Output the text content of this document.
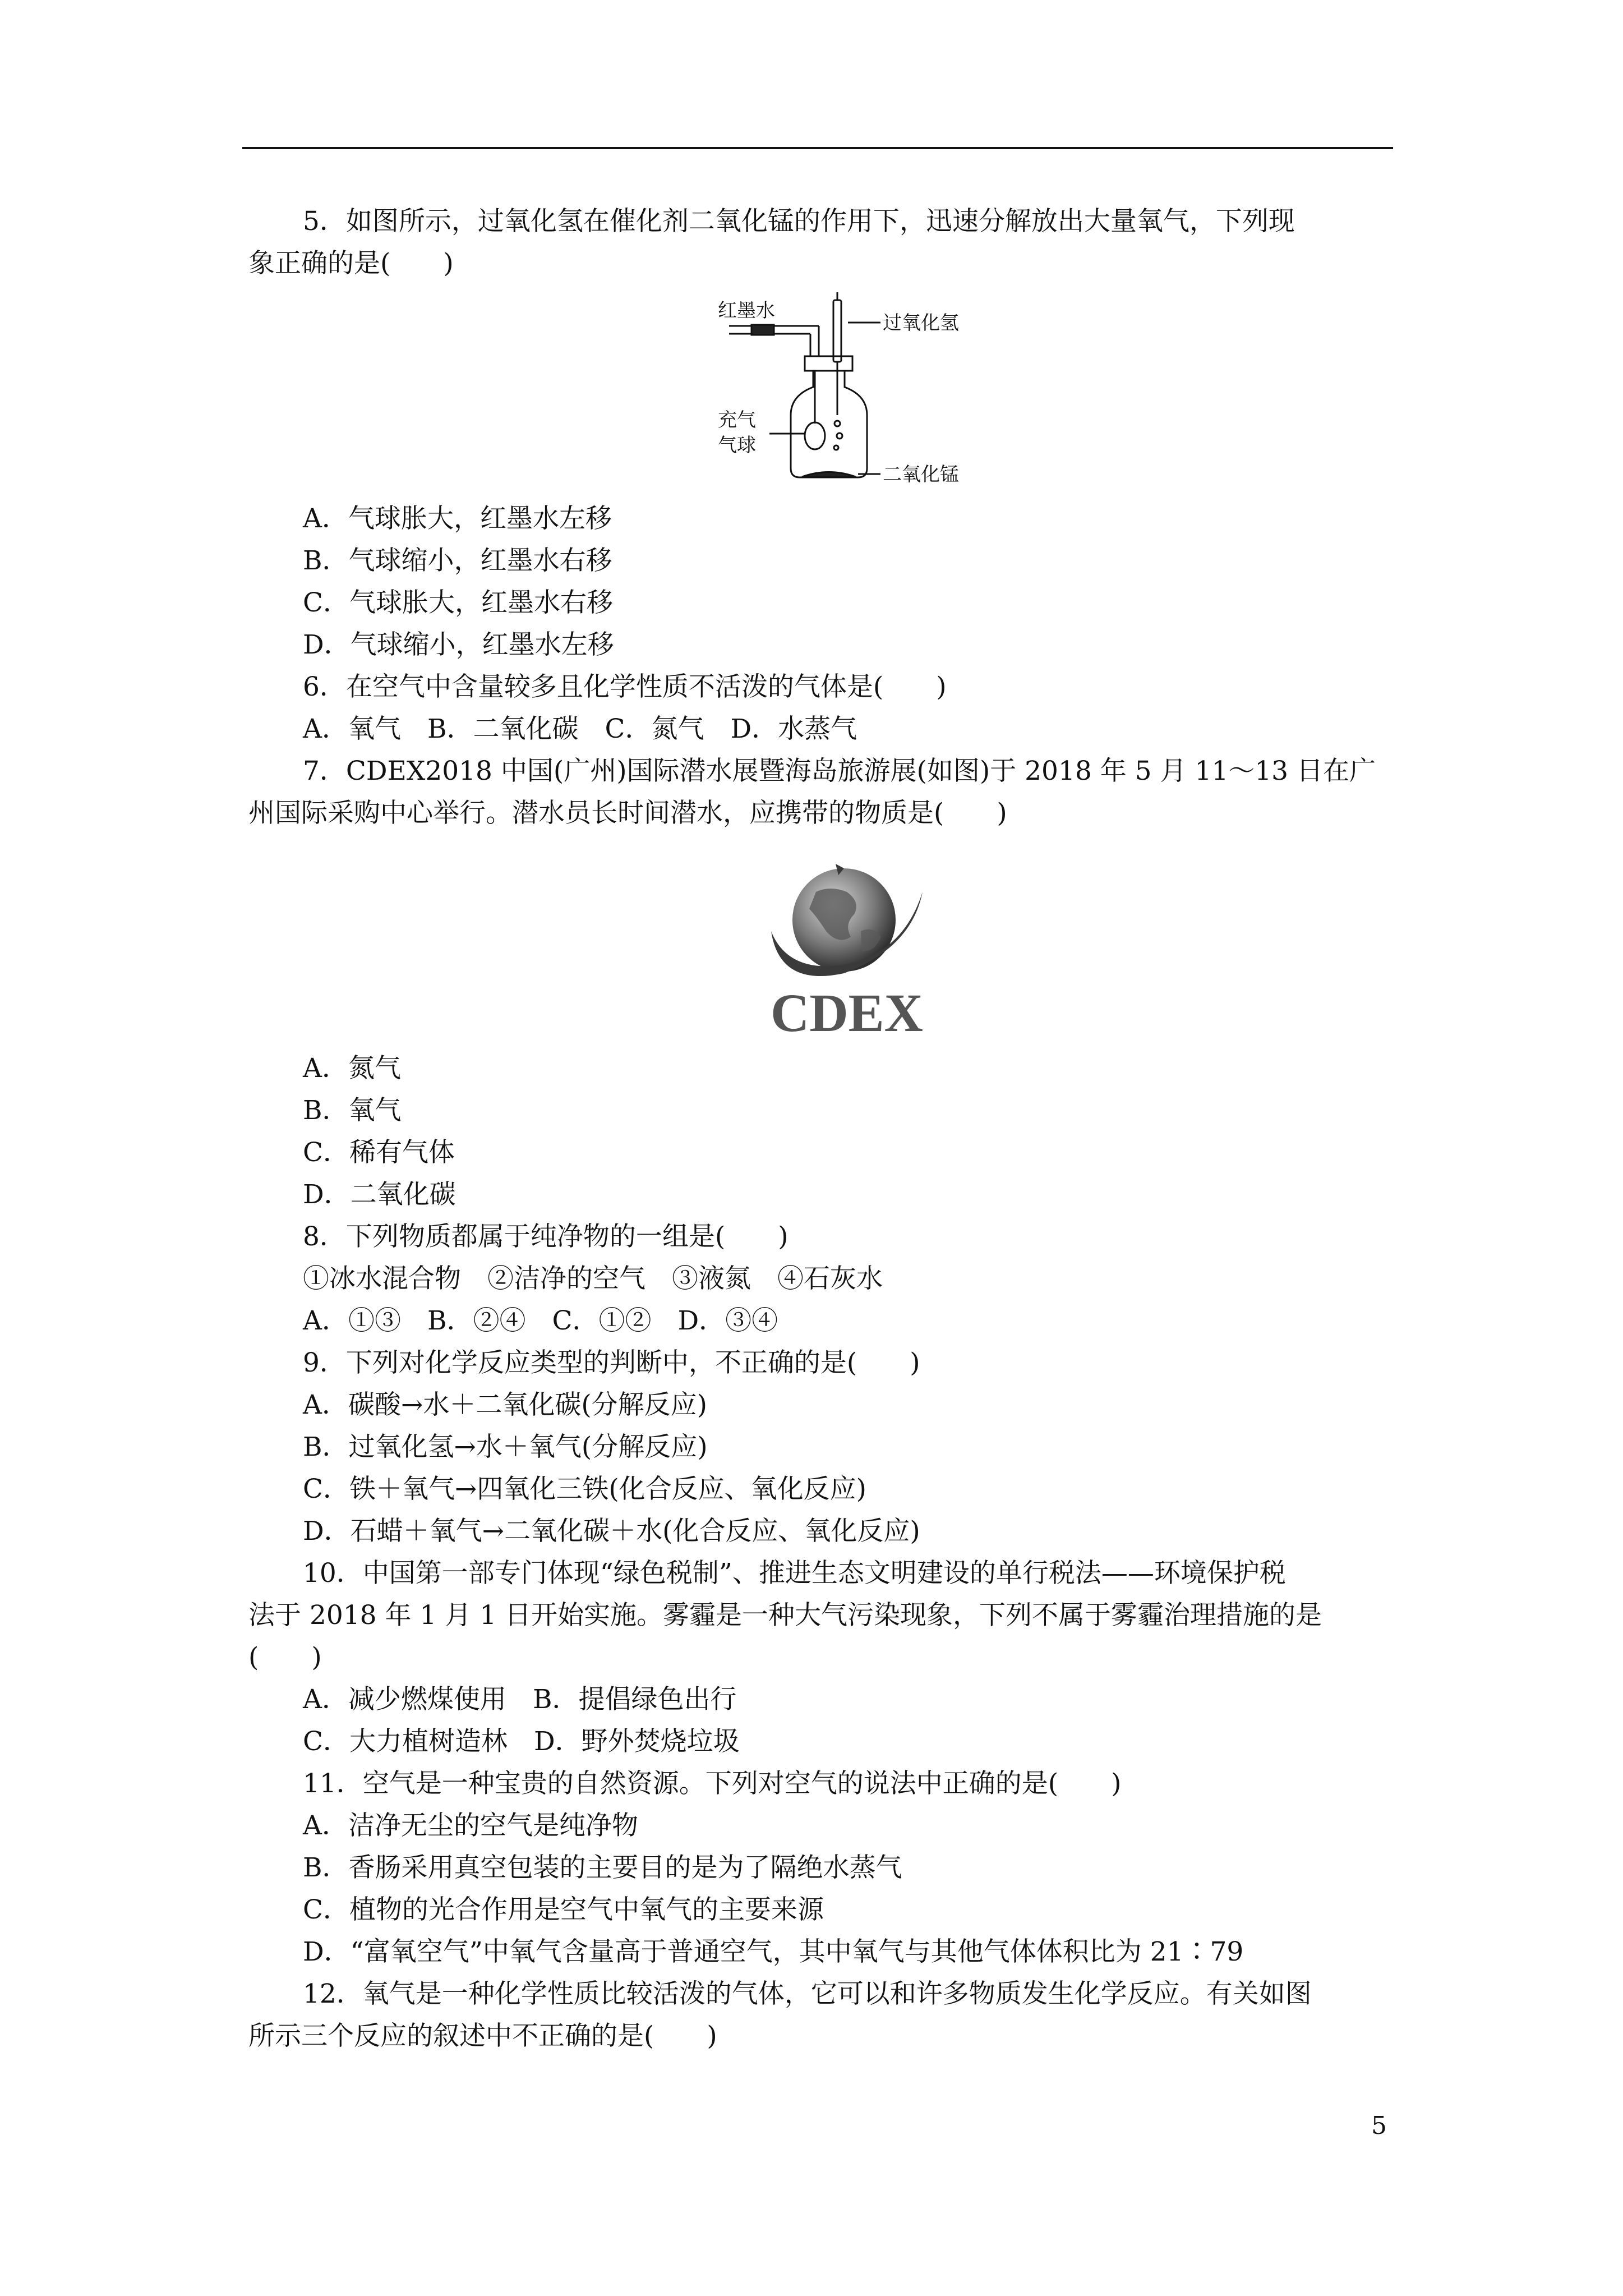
5．如图所示，过氧化氢在催化剂二氧化锰的作用下，迅速分解放出大量氧气，下列现
象正确的是(　　)
红墨水
过氧化氢
充气
气球
二氧化锰
A．气球胀大，红墨水左移
B．气球缩小，红墨水右移
C．气球胀大，红墨水右移
D．气球缩小，红墨水左移
6．在空气中含量较多且化学性质不活泼的气体是(　　)
A．氧气　B．二氧化碳　C．氮气　D．水蒸气
7．CDEX2018 中国(广州)国际潜水展暨海岛旅游展(如图)于 2018 年 5 月 11～13 日在广
州国际采购中心举行。潜水员长时间潜水，应携带的物质是(　　)
CDEX
A．氮气
B．氧气
C．稀有气体
D．二氧化碳
8．下列物质都属于纯净物的一组是(　　)
①冰水混合物　②洁净的空气　③液氮　④石灰水
A．①③　B．②④　C．①②　D．③④
9．下列对化学反应类型的判断中，不正确的是(　　)
A．碳酸→水＋二氧化碳(分解反应)
B．过氧化氢→水＋氧气(分解反应)
C．铁＋氧气→四氧化三铁(化合反应、氧化反应)
D．石蜡＋氧气→二氧化碳＋水(化合反应、氧化反应)
10．中国第一部专门体现“绿色税制”、推进生态文明建设的单行税法——环境保护税
法于 2018 年 1 月 1 日开始实施。雾霾是一种大气污染现象，下列不属于雾霾治理措施的是
(　　)
A．减少燃煤使用　B．提倡绿色出行
C．大力植树造林　D．野外焚烧垃圾
11．空气是一种宝贵的自然资源。下列对空气的说法中正确的是(　　)
A．洁净无尘的空气是纯净物
B．香肠采用真空包装的主要目的是为了隔绝水蒸气
C．植物的光合作用是空气中氧气的主要来源
D．“富氧空气”中氧气含量高于普通空气，其中氧气与其他气体体积比为 21∶79
12．氧气是一种化学性质比较活泼的气体，它可以和许多物质发生化学反应。有关如图
所示三个反应的叙述中不正确的是(　　)
5
